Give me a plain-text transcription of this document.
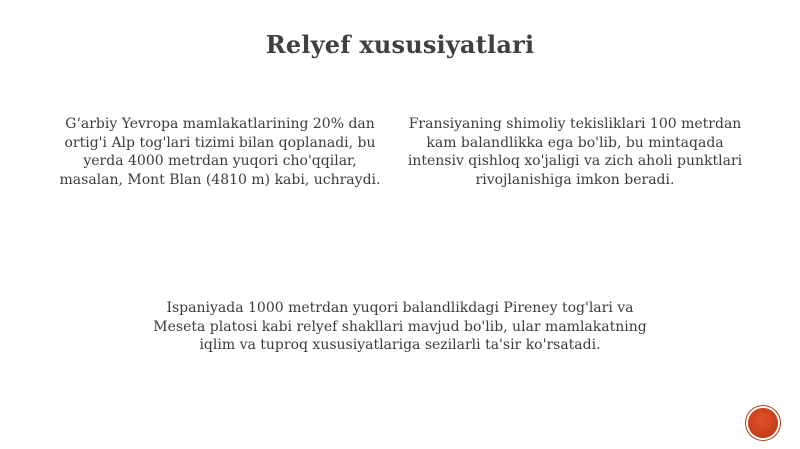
Relyef xususiyatlari
G‘arbiy Yevropa mamlakatlarining 20% dan ortig'i Alp tog'lari tizimi bilan qoplanadi, bu yerda 4000 metrdan yuqori cho'qqilar, masalan, Mont Blan (4810 m) kabi, uchraydi.
Fransiyaning shimoliy tekisliklari 100 metrdan kam balandlikka ega bo'lib, bu mintaqada intensiv qishloq xo'jaligi va zich aholi punktlari rivojlanishiga imkon beradi.
Ispaniyada 1000 metrdan yuqori balandlikdagi Pireney tog'lari va Meseta platosi kabi relyef shakllari mavjud bo'lib, ular mamlakatning iqlim va tuproq xususiyatlariga sezilarli ta'sir ko'rsatadi.
